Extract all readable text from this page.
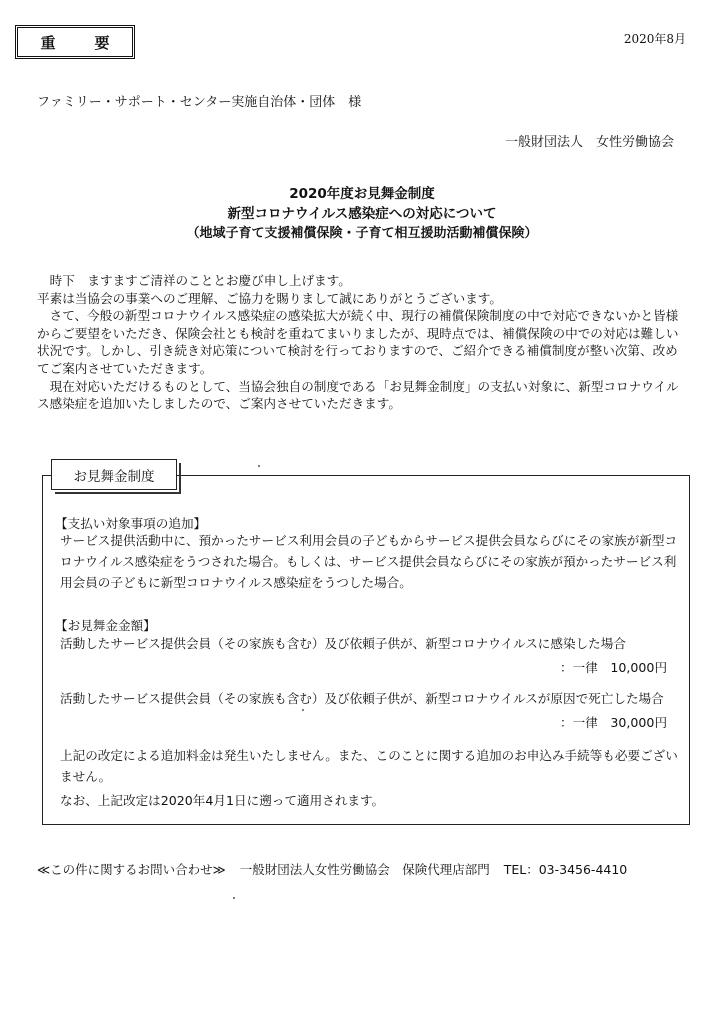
重　要	2020年8月
ファミリー・サポート・センター実施自治体・団体　様
一般財団法人　女性労働協会
2020年度お見舞金制度
新型コロナウイルス感染症への対応について
（地域子育て支援補償保険・子育て相互援助活動補償保険）

　時下　ますますご清祥のこととお慶び申し上げます。

平素は当協会の事業へのご理解、ご協力を賜りまして誠にありがとうございます。

　さて、今般の新型コロナウイルス感染症の感染拡大が続く中、現行の補償保険制度の中で対応できないかと皆様からご要望をいただき、保険会社とも検討を重ねてまいりましたが、現時点では、補償保険の中での対応は難しい状況です。しかし、引き続き対応策について検討を行っておりますので、ご紹介できる補償制度が整い次第、改めてご案内させていただきます。

　現在対応いただけるものとして、当協会独自の制度である「お見舞金制度」の支払い対象に、新型コロナウイルス感染症を追加いたしましたので、ご案内させていただきます。

お見舞金制度
【支払い対象事項の追加】
サービス提供活動中に、預かったサービス利用会員の子どもからサービス提供会員ならびにその家族が新型コロナウイルス感染症をうつされた場合。もしくは、サービス提供会員ならびにその家族が預かったサービス利用会員の子どもに新型コロナウイルス感染症をうつした場合。
【お見舞金金額】
活動したサービス提供会員（その家族も含む）及び依頼子供が、新型コロナウイルスに感染した場合
：一律　10,000円
活動したサービス提供会員（その家族も含む）及び依頼子供が、新型コロナウイルスが原因で死亡した場合
：一律　30,000円
上記の改定による追加料金は発生いたしません。また、このことに関する追加のお申込み手続等も必要ございません。
なお、上記改定は2020年4月1日に遡って適用されます。
≪この件に関するお問い合わせ≫ 一般財団法人女性労働協会　保険代理店部門 TEL：03-3456-4410
